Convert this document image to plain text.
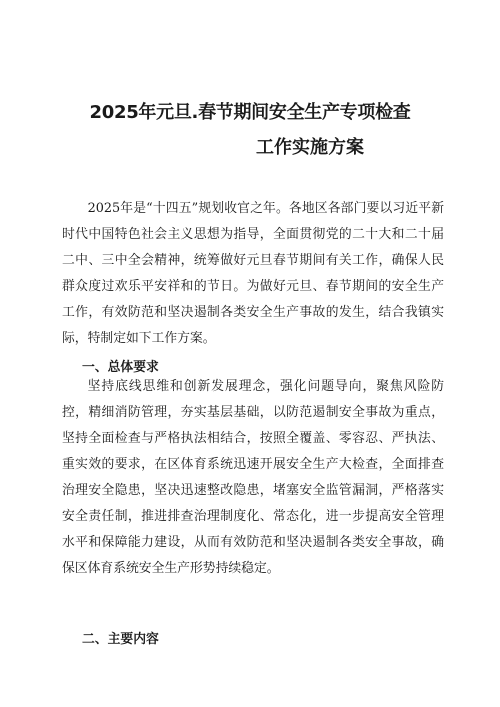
2025年元旦.春节期间安全生产专项检查
工作实施方案

2025年是“十四五”规划收官之年。各地区各部门要以习近平新时代中国特色社会主义思想为指导，全面贯彻党的二十大和二十届二中、三中全会精神，统筹做好元旦春节期间有关工作，确保人民群众度过欢乐平安祥和的节日。为做好元旦、春节期间的安全生产工作，有效防范和坚决遏制各类安全生产事故的发生，结合我镇实际，特制定如下工作方案。

一、总体要求

坚持底线思维和创新发展理念，强化问题导向，聚焦风险防控，精细消防管理，夯实基层基础，以防范遏制安全事故为重点，坚持全面检查与严格执法相结合，按照全覆盖、零容忍、严执法、重实效的要求，在区体育系统迅速开展安全生产大检查，全面排查治理安全隐患，坚决迅速整改隐患，堵塞安全监管漏洞，严格落实安全责任制，推进排查治理制度化、常态化，进一步提高安全管理水平和保障能力建设，从而有效防范和坚决遏制各类安全事故，确保区体育系统安全生产形势持续稳定。

二、主要内容
